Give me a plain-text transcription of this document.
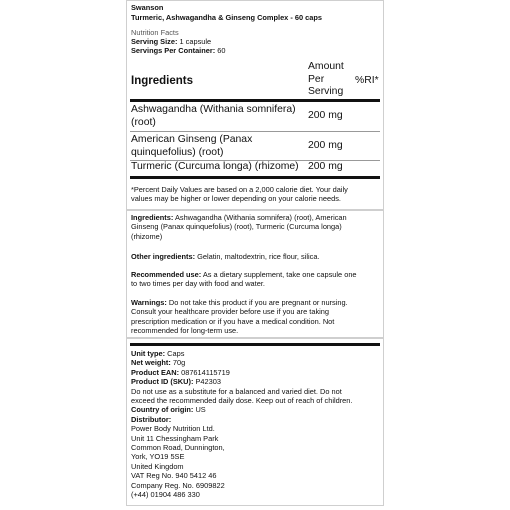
Swanson
Turmeric, Ashwagandha & Ginseng Complex - 60 caps
Nutrition Facts
Serving Size: 1 capsule
Servings Per Container: 60
Ingredients
Amount
Per
Serving
%RI*
Ashwagandha (Withania somnifera)
(root)
200 mg
American Ginseng (Panax
quinquefolius) (root)
200 mg
Turmeric (Curcuma longa) (rhizome) 200 mg
*Percent Daily Values are based on a 2,000 calorie diet. Your daily
values may be higher or lower depending on your calorie needs.
Ingredients: Ashwagandha (Withania somnifera) (root), American
Ginseng (Panax quinquefolius) (root), Turmeric (Curcuma longa)
(rhizome)
Other ingredients: Gelatin, maltodextrin, rice flour, silica.
Recommended use: As a dietary supplement, take one capsule one
to two times per day with food and water.
Warnings: Do not take this product if you are pregnant or nursing.
Consult your healthcare provider before use if you are taking
prescription medication or if you have a medical condition. Not
recommended for long-term use.
Unit type: Caps
Net weight: 70g
Product EAN: 087614115719
Product ID (SKU): P42303
Do not use as a substitute for a balanced and varied diet. Do not
exceed the recommended daily dose. Keep out of reach of children.
Country of origin: US
Distributor:
Power Body Nutrition Ltd.
Unit 11 Chessingham Park
Common Road, Dunnington,
York, YO19 5SE
United Kingdom
VAT Reg No. 940 5412 46
Company Reg. No. 6909822
(+44) 01904 486 330
